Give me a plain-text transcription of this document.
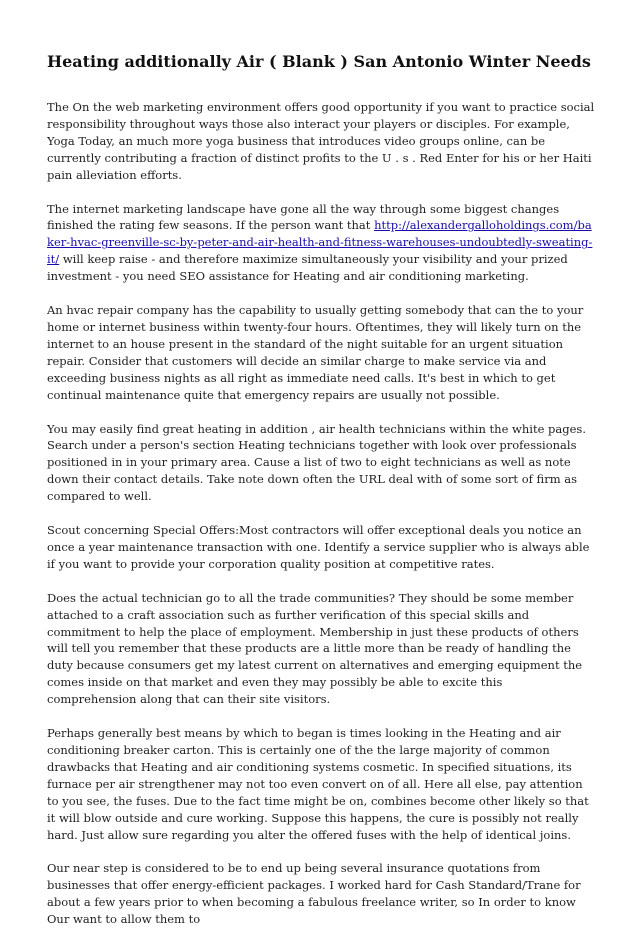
Heating additionally Air ( Blank ) San Antonio Winter Needs

The On the web marketing environment offers good opportunity if you want to practice social responsibility throughout ways those also interact your players or disciples. For example, Yoga Today, an much more yoga business that introduces video groups online, can be currently contributing a fraction of distinct profits to the U . s . Red Enter for his or her Haiti pain alleviation efforts.

The internet marketing landscape have gone all the way through some biggest changes finished the rating few seasons. If the person want that http://alexandergalloholdings.com/baker-hvac-greenville-sc-by-peter-and-air-health-and-fitness-warehouses-undoubtedly-sweating-it/ will keep raise - and therefore maximize simultaneously your visibility and your prized investment - you need SEO assistance for Heating and air conditioning marketing.

An hvac repair company has the capability to usually getting somebody that can the to your home or internet business within twenty-four hours. Oftentimes, they will likely turn on the internet to an house present in the standard of the night suitable for an urgent situation repair. Consider that customers will decide an similar charge to make service via and exceeding business nights as all right as immediate need calls. It's best in which to get continual maintenance quite that emergency repairs are usually not possible.

You may easily find great heating in addition , air health technicians within the white pages. Search under a person's section Heating technicians together with look over professionals positioned in in your primary area. Cause a list of two to eight technicians as well as note down their contact details. Take note down often the URL deal with of some sort of firm as compared to well.

Scout concerning Special Offers:Most contractors will offer exceptional deals you notice an once a year maintenance transaction with one. Identify a service supplier who is always able if you want to provide your corporation quality position at competitive rates.

Does the actual technician go to all the trade communities? They should be some member attached to a craft association such as further verification of this special skills and commitment to help the place of employment. Membership in just these products of others will tell you remember that these products are a little more than be ready of handling the duty because consumers get my latest current on alternatives and emerging equipment the comes inside on that market and even they may possibly be able to excite this comprehension along that can their site visitors.

Perhaps generally best means by which to began is times looking in the Heating and air conditioning breaker carton. This is certainly one of the the large majority of common drawbacks that Heating and air conditioning systems cosmetic. In specified situations, its furnace per air strengthener may not too even convert on of all. Here all else, pay attention to you see, the fuses. Due to the fact time might be on, combines become other likely so that it will blow outside and cure working. Suppose this happens, the cure is possibly not really hard. Just allow sure regarding you alter the offered fuses with the help of identical joins.

Our near step is considered to be to end up being several insurance quotations from businesses that offer energy-efficient packages. I worked hard for Cash Standard/Trane for about a few years prior to when becoming a fabulous freelance writer, so In order to know Our want to allow them to
